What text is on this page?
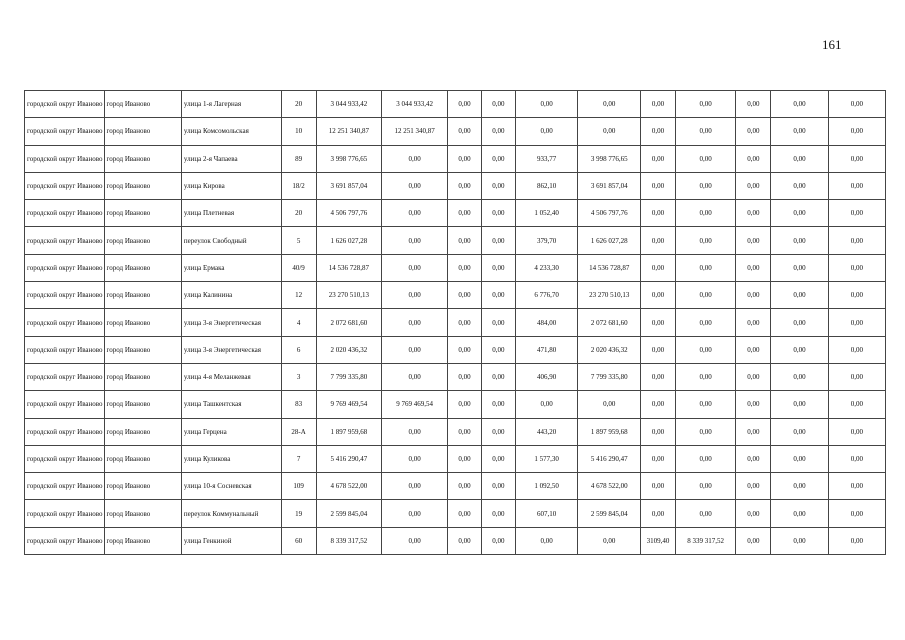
161
городской округ Иваново	город Иваново	улица 1-я Лагерная	20	3 044 933,42	3 044 933,42	0,00	0,00	0,00	0,00	0,00	0,00	0,00	0,00	0,00
городской округ Иваново	город Иваново	улица Комсомольская	10	12 251 340,87	12 251 340,87	0,00	0,00	0,00	0,00	0,00	0,00	0,00	0,00	0,00
городской округ Иваново	город Иваново	улица 2-я Чапаева	89	3 998 776,65	0,00	0,00	0,00	933,77	3 998 776,65	0,00	0,00	0,00	0,00	0,00
городской округ Иваново	город Иваново	улица Кирова	18/2	3 691 857,04	0,00	0,00	0,00	862,10	3 691 857,04	0,00	0,00	0,00	0,00	0,00
городской округ Иваново	город Иваново	улица Плетневая	20	4 506 797,76	0,00	0,00	0,00	1 052,40	4 506 797,76	0,00	0,00	0,00	0,00	0,00
городской округ Иваново	город Иваново	переулок Свободный	5	1 626 027,28	0,00	0,00	0,00	379,70	1 626 027,28	0,00	0,00	0,00	0,00	0,00
городской округ Иваново	город Иваново	улица Ермака	40/9	14 536 728,87	0,00	0,00	0,00	4 233,30	14 536 728,87	0,00	0,00	0,00	0,00	0,00
городской округ Иваново	город Иваново	улица Калинина	12	23 270 510,13	0,00	0,00	0,00	6 776,70	23 270 510,13	0,00	0,00	0,00	0,00	0,00
городской округ Иваново	город Иваново	улица 3-я Энергетическая	4	2 072 681,60	0,00	0,00	0,00	484,00	2 072 681,60	0,00	0,00	0,00	0,00	0,00
городской округ Иваново	город Иваново	улица 3-я Энергетическая	6	2 020 436,32	0,00	0,00	0,00	471,80	2 020 436,32	0,00	0,00	0,00	0,00	0,00
городской округ Иваново	город Иваново	улица 4-я Меланжевая	3	7 799 335,80	0,00	0,00	0,00	406,90	7 799 335,80	0,00	0,00	0,00	0,00	0,00
городской округ Иваново	город Иваново	улица Ташкентская	83	9 769 469,54	9 769 469,54	0,00	0,00	0,00	0,00	0,00	0,00	0,00	0,00	0,00
городской округ Иваново	город Иваново	улица Герцена	28-А	1 897 959,68	0,00	0,00	0,00	443,20	1 897 959,68	0,00	0,00	0,00	0,00	0,00
городской округ Иваново	город Иваново	улица Куликова	7	5 416 290,47	0,00	0,00	0,00	1 577,30	5 416 290,47	0,00	0,00	0,00	0,00	0,00
городской округ Иваново	город Иваново	улица 10-я Сосневская	109	4 678 522,00	0,00	0,00	0,00	1 092,50	4 678 522,00	0,00	0,00	0,00	0,00	0,00
городской округ Иваново	город Иваново	переулок Коммунальный	19	2 599 845,04	0,00	0,00	0,00	607,10	2 599 845,04	0,00	0,00	0,00	0,00	0,00
городской округ Иваново	город Иваново	улица Генкиной	60	8 339 317,52	0,00	0,00	0,00	0,00	0,00	3109,40	8 339 317,52	0,00	0,00	0,00
